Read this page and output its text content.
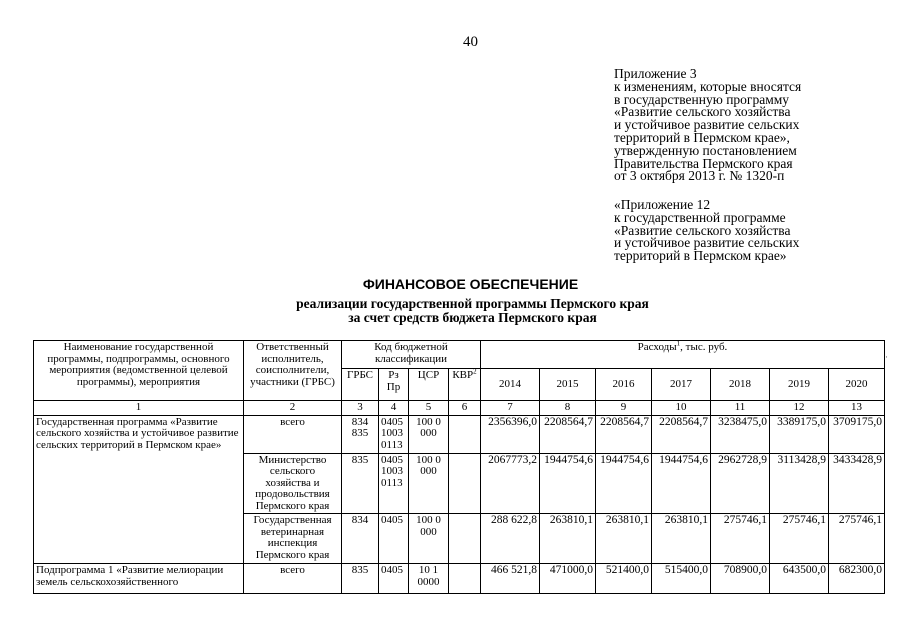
40
Приложение 3
к изменениям, которые вносятся
в государственную программу
«Развитие сельского хозяйства
и устойчивое развитие сельских
территорий в Пермском крае»,
утвержденную постановлением
Правительства Пермского края
от 3 октября 2013 г. № 1320-п
«Приложение 12
к государственной программе
«Развитие сельского хозяйства
и устойчивое развитие сельских
территорий в Пермском крае»
ФИНАНСОВОЕ ОБЕСПЕЧЕНИЕ
реализации государственной программы Пермского края
за счет средств бюджета Пермского края
·
Наименование государственной программы, подпрограммы, основного мероприятия (ведомственной целевой программы), мероприятия	Ответственный исполнитель, соисполнители, участники (ГРБС)	Код бюджетной классификации				Расходы$^1$, тыс. руб.						
		ГРБС	Рз Пр	ЦСР	КВР$^2$	2014	2015	2016	2017	2018	2019	2020
1	2	3	4	5	6	7	8	9	10	11	12	13
Государственная программа «Развитие сельского хозяйства и устойчивое развитие сельских территорий в Пермском крае»	всего	834 835	0405 1003 0113	100 0 000		2356396,0	2208564,7	2208564,7	2208564,7	3238475,0	3389175,0	3709175,0
	Министерство сельского хозяйства и продовольствия Пермского края	835	0405 1003 0113	100 0 000		2067773,2	1944754,6	1944754,6	1944754,6	2962728,9	3113428,9	3433428,9
	Государственная ветеринарная инспекция Пермского края	834	0405	100 0 000		288 622,8	263810,1	263810,1	263810,1	275746,1	275746,1	275746,1
Подпрограмма 1 «Развитие мелиорации земель сельскохозяйственного	всего	835	0405	10 1 0000		466 521,8	471000,0	521400,0	515400,0	708900,0	643500,0	682300,0
